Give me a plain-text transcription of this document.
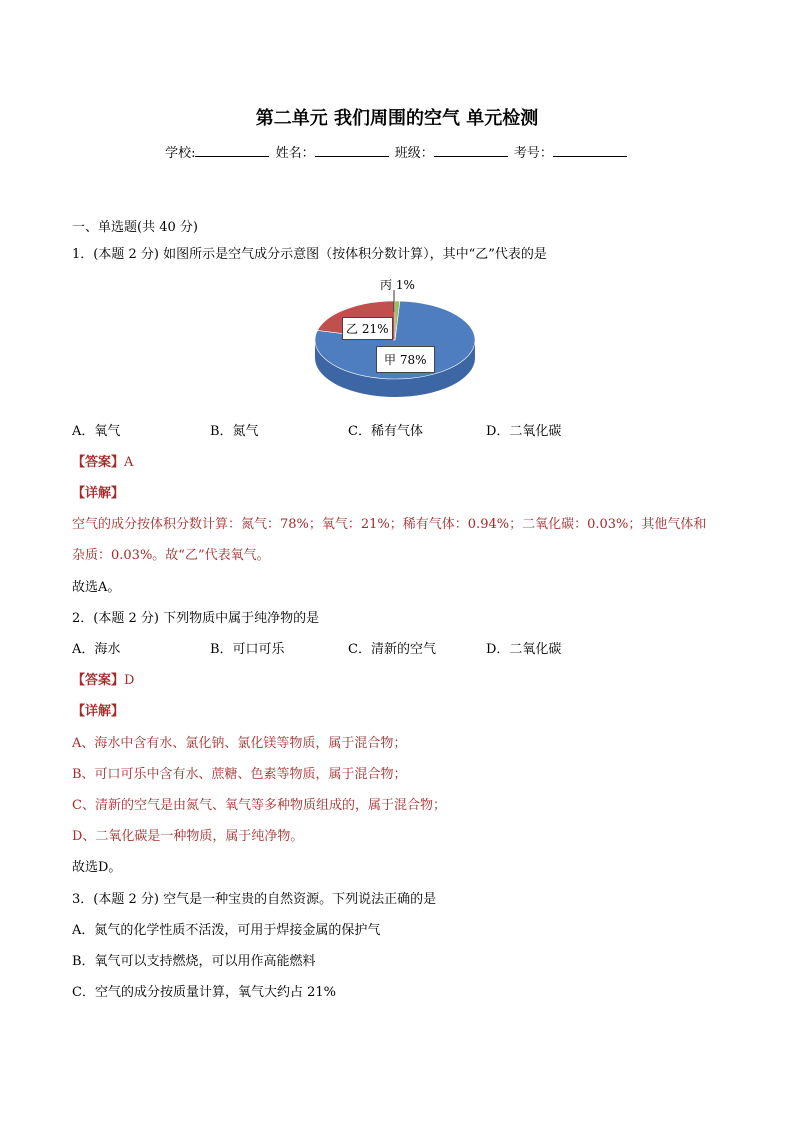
第二单元 我们周围的空气 单元检测
学校:	姓名：	班级：	考号：
一、单选题(共 40 分)
1．(本题 2 分) 如图所示是空气成分示意图（按体积分数计算），其中“乙”代表的是
丙 1%
乙 21%
甲 78%
A．氧气	B．氮气	C．稀有气体	D．二氧化碳
【答案】A
【详解】
空气的成分按体积分数计算：氮气：78%；氧气：21%；稀有气体：0.94%；二氧化碳：0.03%；其他气体和
杂质：0.03%。故“乙”代表氧气。
故选A。
2．(本题 2 分) 下列物质中属于纯净物的是
A．海水	B．可口可乐	C．清新的空气	D．二氧化碳
【答案】D
【详解】
A、海水中含有水、氯化钠、氯化镁等物质，属于混合物；
B、可口可乐中含有水、蔗糖、色素等物质，属于混合物；
C、清新的空气是由氮气、氧气等多种物质组成的，属于混合物；
D、二氧化碳是一种物质，属于纯净物。
故选D。
3．(本题 2 分) 空气是一种宝贵的自然资源。下列说法正确的是
A．氮气的化学性质不活泼，可用于焊接金属的保护气
B．氧气可以支持燃烧，可以用作高能燃料
C．空气的成分按质量计算，氧气大约占 21%
